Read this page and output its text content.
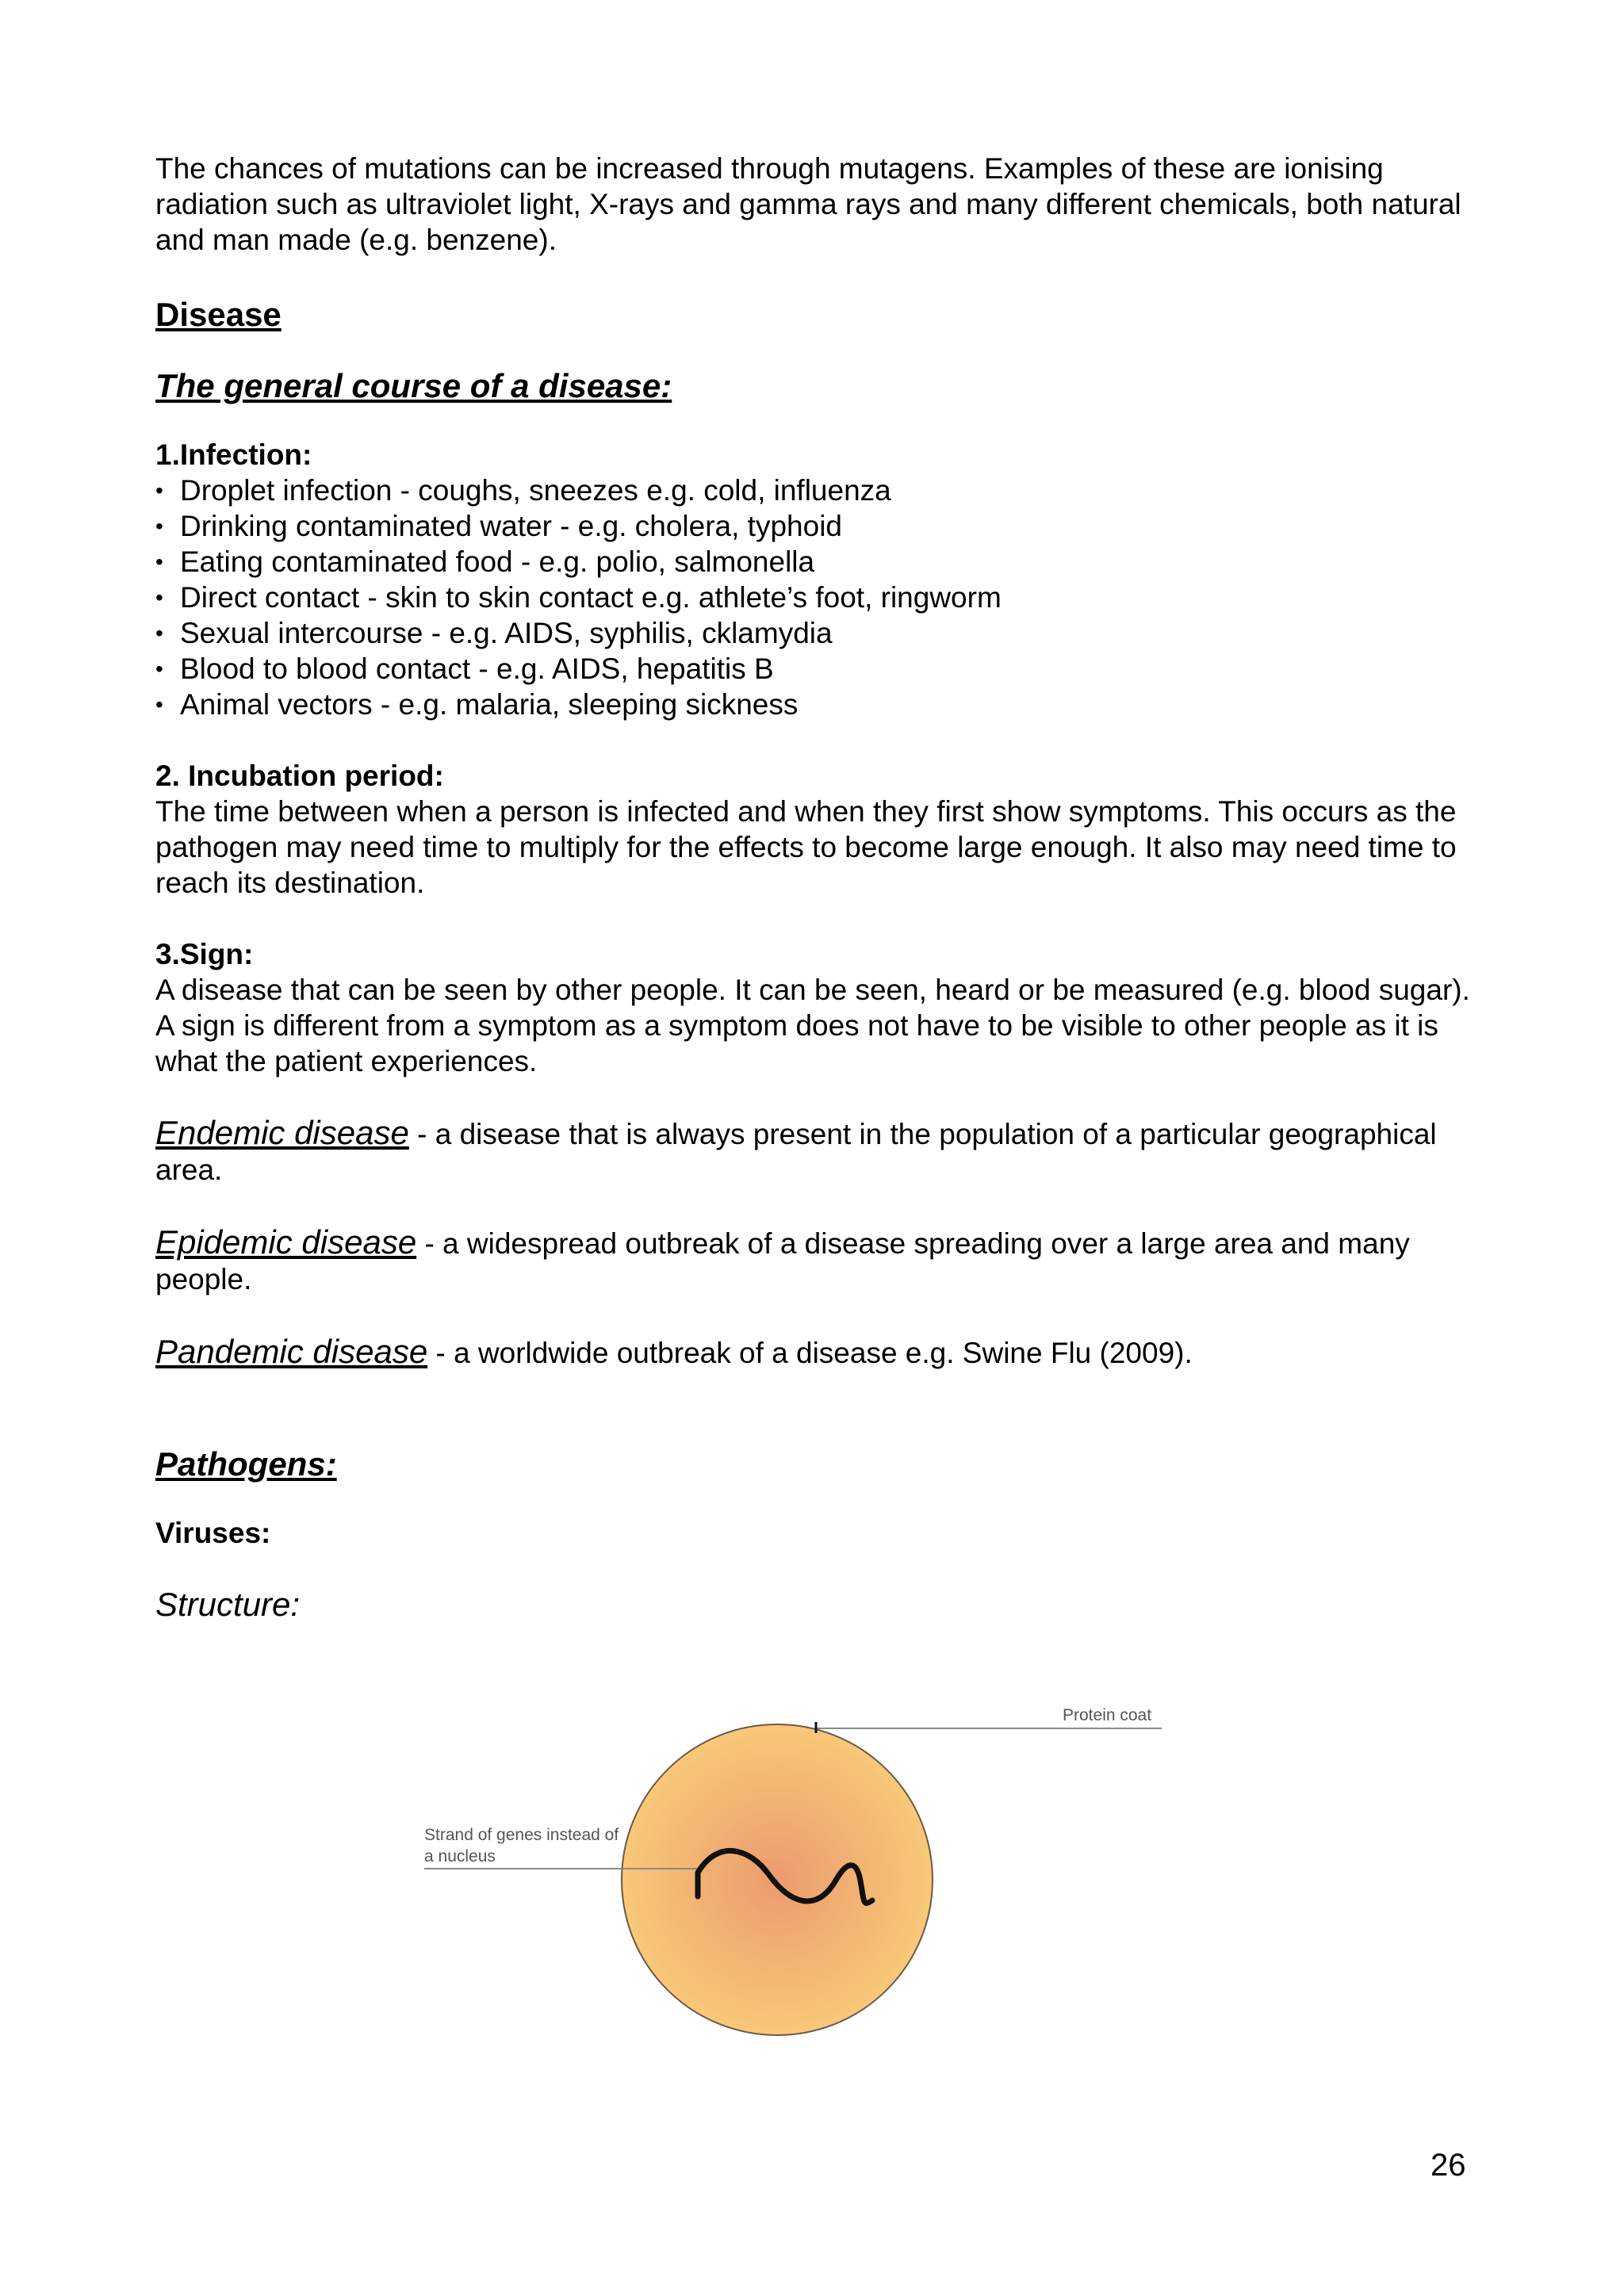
The chances of mutations can be increased through mutagens. Examples of these are ionising radiation such as ultraviolet light, X-rays and gamma rays and many different chemicals, both natural and man made (e.g. benzene).

Disease
The general course of a disease:
1.Infection:
• Droplet infection - coughs, sneezes e.g. cold, influenza
• Drinking contaminated water - e.g. cholera, typhoid
• Eating contaminated food - e.g. polio, salmonella
• Direct contact - skin to skin contact e.g. athlete’s foot, ringworm
• Sexual intercourse - e.g. AIDS, syphilis, cklamydia
• Blood to blood contact - e.g. AIDS, hepatitis B
• Animal vectors - e.g. malaria, sleeping sickness
2. Incubation period:

The time between when a person is infected and when they first show symptoms. This occurs as the pathogen may need time to multiply for the effects to become large enough. It also may need time to reach its destination.

3.Sign:

A disease that can be seen by other people. It can be seen, heard or be measured (e.g. blood sugar). A sign is different from a symptom as a symptom does not have to be visible to other people as it is what the patient experiences.

Endemic disease - a disease that is always present in the population of a particular geographical area.

Epidemic disease - a widespread outbreak of a disease spreading over a large area and many people.

Pandemic disease - a worldwide outbreak of a disease e.g. Swine Flu (2009).

Pathogens:
Viruses:
Structure:
Protein coat
Strand of genes instead of a nucleus
26
